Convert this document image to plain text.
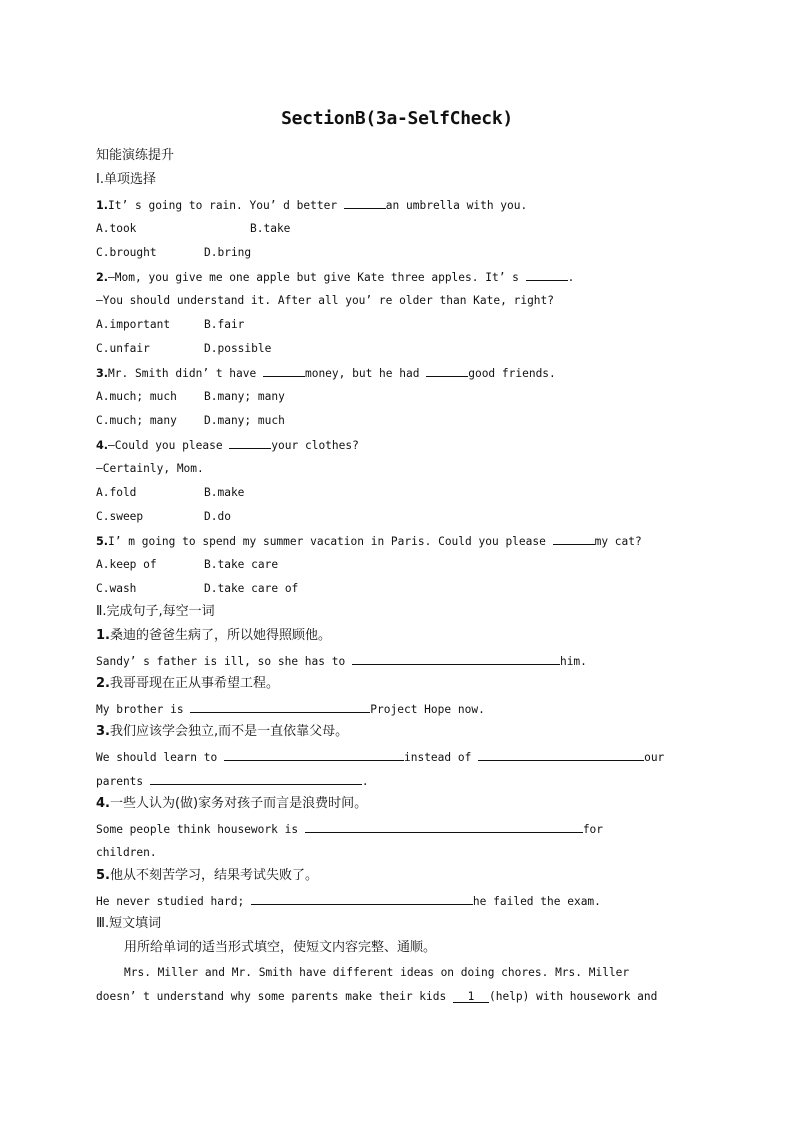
SectionB(3a-SelfCheck)
知能演练提升
Ⅰ.单项选择
1.It’ s going to rain. You’ d better	an umbrella with you.
A.took	B.take
C.brought	D.bring
2.—Mom, you give me one apple but give Kate three apples. It’ s	.
—You should understand it. After all you’ re older than Kate, right?
A.important	B.fair
C.unfair	D.possible
3.Mr. Smith didn’ t have	money, but he had	good friends.
A.much; much B.many; many
C.much; many D.many; much
4.—Could you please	your clothes?
—Certainly, Mom.
A.fold	B.make
C.sweep	D.do
5.I’ m going to spend my summer vacation in Paris. Could you please	my cat?
A.keep of	B.take care
C.wash	D.take care of
Ⅱ.完成句子,每空一词
1.桑迪的爸爸生病了，所以她得照顾他。
Sandy’ s father is ill, so she has to	him.
2.我哥哥现在正从事希望工程。
My brother is	Project Hope now.
3.我们应该学会独立,而不是一直依靠父母。
We should learn to	instead of	our
parents	.
4.一些人认为(做)家务对孩子而言是浪费时间。
Some people think housework is	for
children.
5.他从不刻苦学习，结果考试失败了。
He never studied hard;	he failed the exam.
Ⅲ.短文填词
用所给单词的适当形式填空，使短文内容完整、通顺。
Mrs. Miller and Mr. Smith have different ideas on doing chores. Mrs. Miller
doesn’ t understand why some parents make their kids 1 (help) with housework and
